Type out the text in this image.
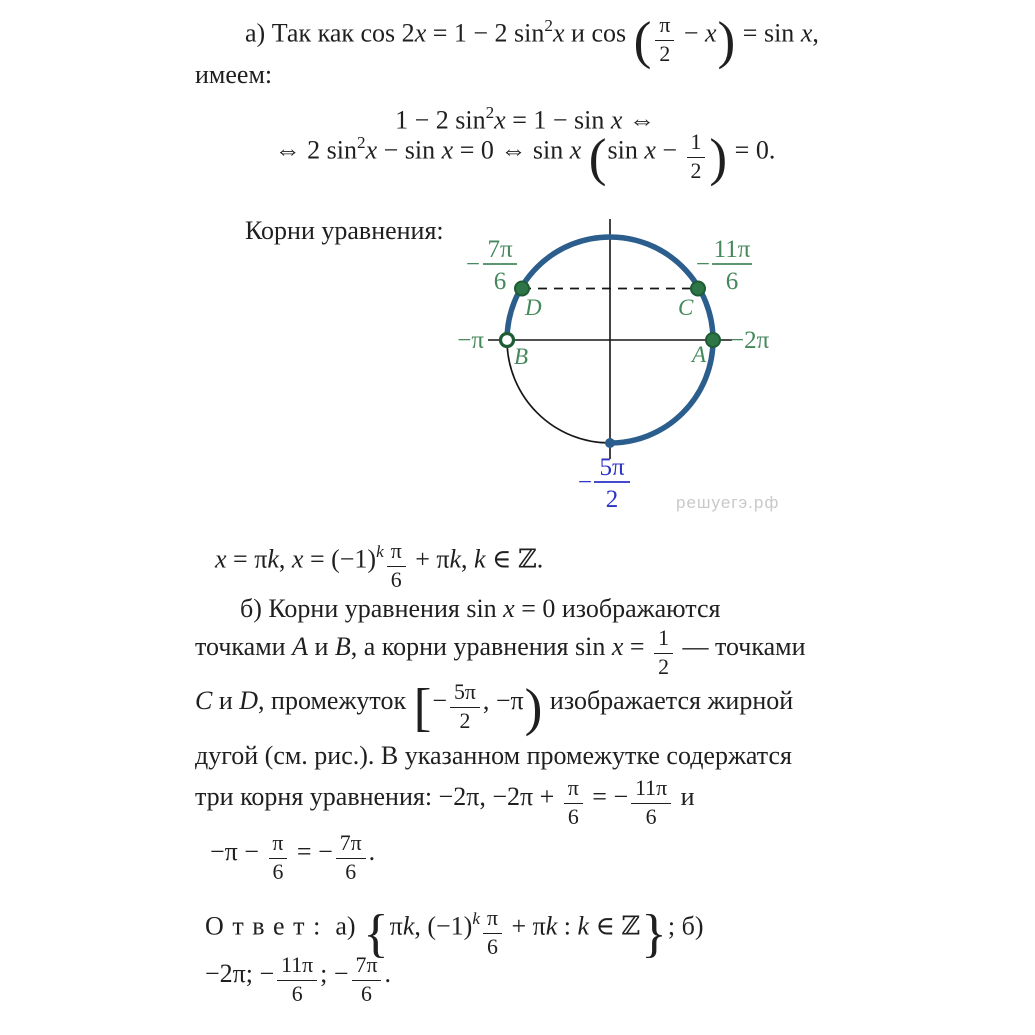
а) Так как cos 2x = 1 − 2 $\sin^2x$ и cos ( $\frac{\pi}{2} - x) = \sin x$,
имеем:
1 − 2 $\sin^2x = 1 - \sin x$ ⇔
⇔ 2 $\sin^2x - \sin x = 0$ ⇔ sin x (sin $x - \frac{1}{2}$ ) = 0.
Корни уравнения:
−
7π
6
−
11π
6
−π	−2π
D	C
B	A
−
5π
2	решуегэ.рф
x = πk, $x = (-1)^k \frac{\pi}{6} + \pi k$, k ∈ ℤ.
б) Корни уравнения sin x = 0 изображаются
точками A и B, а корни уравнения $\sin x = \frac{1}{2}$ — точками
C и D, промежуток [− $\frac{5\pi}{2}$ , −π) изображается жирной
дугой (см. рис.). В указанном промежутке содержатся
три корня уравнения: −2π, $-2\pi + \frac{\pi}{6}$ = − $\frac{11\pi}{6}$ и
$-\pi - \frac{\pi}{6}$ = − $\frac{7\pi}{6}$ .
Ответ: а) {πk, $(-1)^k \frac{\pi}{6} + \pi k$ : k ∈ ℤ}; б)
−2π; − $\frac{11\pi}{6}$ ; − $\frac{7\pi}{6}$ .
